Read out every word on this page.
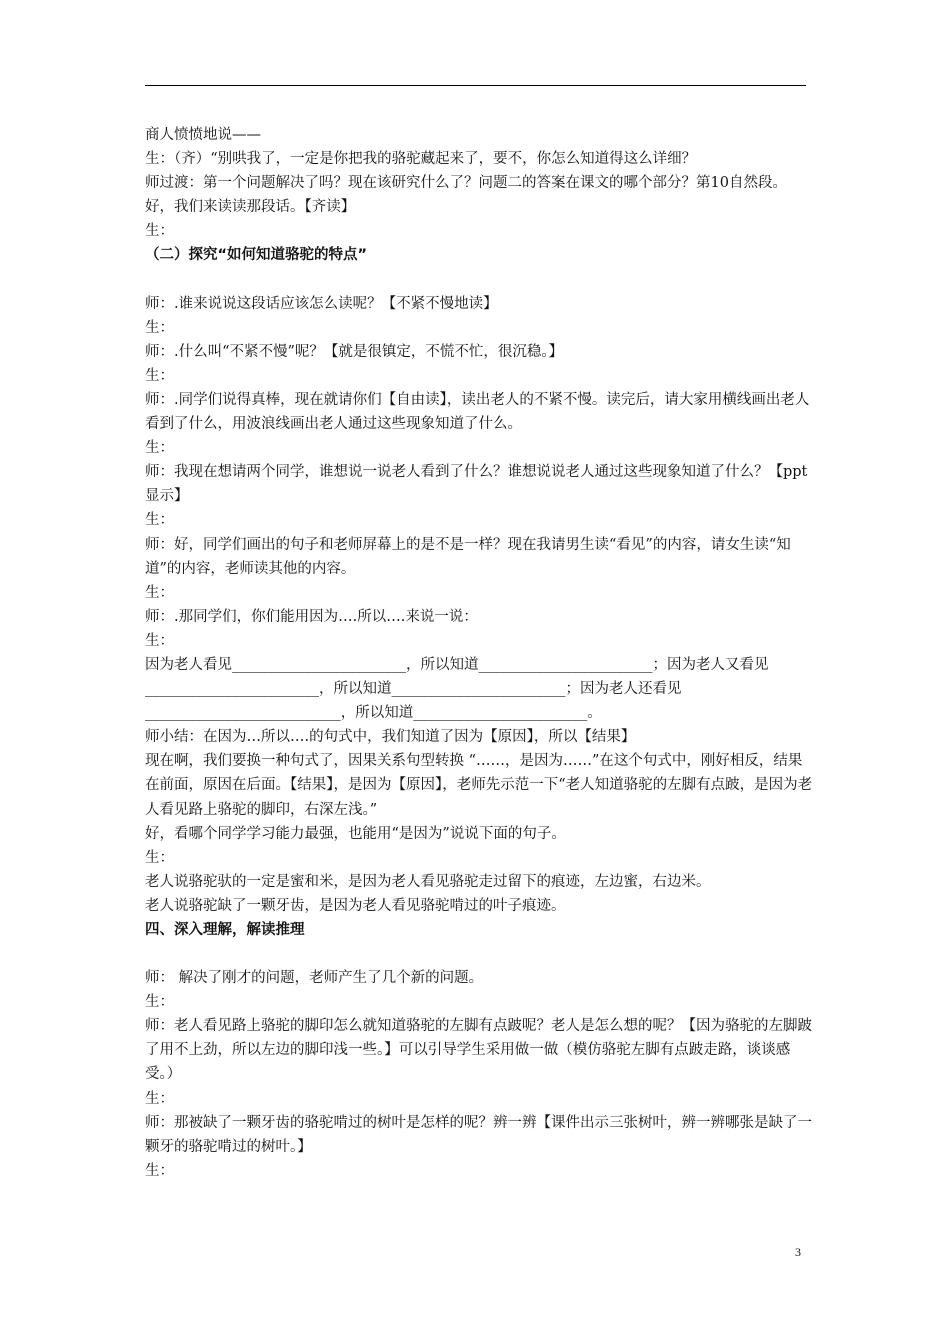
商人愤愤地说——
生：（齐）“别哄我了，一定是你把我的骆驼藏起来了，要不，你怎么知道得这么详细？
师过渡：第一个问题解决了吗？现在该研究什么了？问题二的答案在课文的哪个部分？第10自然段。好，我们来读读那段话。【齐读】
生：
（二）探究“如何知道骆驼的特点”
师：.谁来说说这段话应该怎么读呢？【不紧不慢地读】
生：
师：.什么叫“不紧不慢”呢？【就是很镇定，不慌不忙，很沉稳。】
生：
师：.同学们说得真棒，现在就请你们【自由读】，读出老人的不紧不慢。读完后，请大家用横线画出老人看到了什么，用波浪线画出老人通过这些现象知道了什么。
生：
师：我现在想请两个同学，谁想说一说老人看到了什么？谁想说说老人通过这些现象知道了什么？【ppt显示】
生：
师：好，同学们画出的句子和老师屏幕上的是不是一样？现在我请男生读“看见”的内容，请女生读“知道”的内容，老师读其他的内容。
生：
师：.那同学们，你们能用因为….所以….来说一说：
生：
因为老人看见________________________，所以知道________________________；因为老人又看见________________________，所以知道________________________；因为老人还看见___________________________，所以知道________________________。
师小结：在因为…所以….的句式中，我们知道了因为【原因】，所以【结果】
现在啊，我们要换一种句式了，因果关系句型转换 “……，是因为……”在这个句式中，刚好相反，结果在前面，原因在后面。【结果】，是因为【原因】，老师先示范一下“老人知道骆驼的左脚有点跛，是因为老人看见路上骆驼的脚印，右深左浅。”
好，看哪个同学学习能力最强，也能用“是因为”说说下面的句子。
生：
老人说骆驼驮的一定是蜜和米，是因为老人看见骆驼走过留下的痕迹，左边蜜，右边米。
老人说骆驼缺了一颗牙齿，是因为老人看见骆驼啃过的叶子痕迹。
四、深入理解，解读推理
师： 解决了刚才的问题，老师产生了几个新的问题。
生：
师：老人看见路上骆驼的脚印怎么就知道骆驼的左脚有点跛呢？老人是怎么想的呢？【因为骆驼的左脚跛了用不上劲，所以左边的脚印浅一些。】可以引导学生采用做一做（模仿骆驼左脚有点跛走路，谈谈感受。）
生：
师：那被缺了一颗牙齿的骆驼啃过的树叶是怎样的呢？辨一辨【课件出示三张树叶，辨一辨哪张是缺了一颗牙的骆驼啃过的树叶。】
生：
3
